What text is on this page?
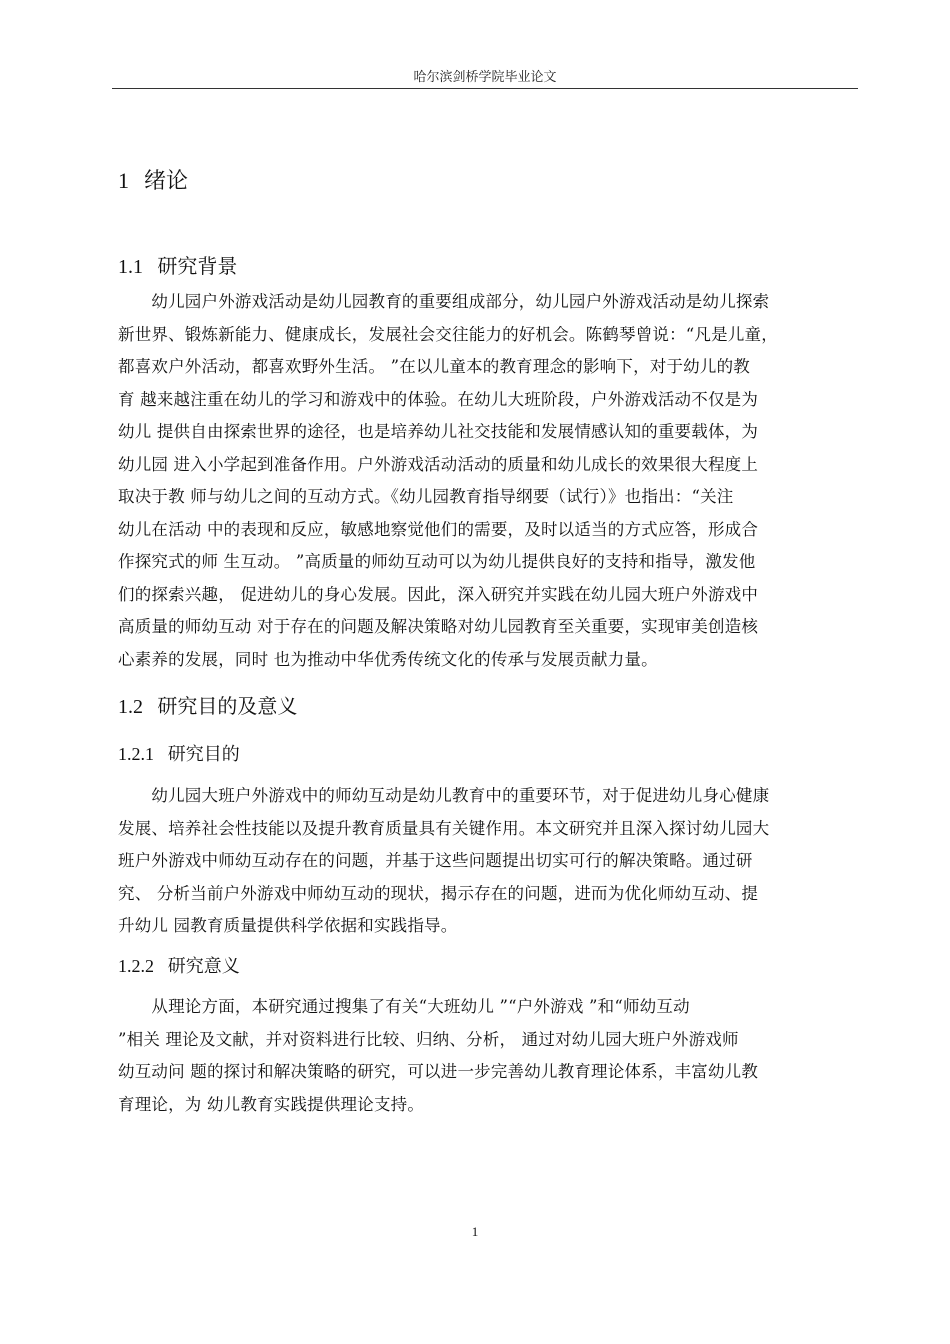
哈尔滨剑桥学院毕业论文
1 绪论
1.1 研究背景
　　幼儿园户外游戏活动是幼儿园教育的重要组成部分，幼儿园户外游戏活动是幼儿探索
新世界、锻炼新能力、健康成长，发展社会交往能力的好机会。陈鹤琴曾说：“凡是儿童，
都喜欢户外活动，都喜欢野外生活。 ”在以儿童本的教育理念的影响下，对于幼儿的教
育 越来越注重在幼儿的学习和游戏中的体验。在幼儿大班阶段，户外游戏活动不仅是为
幼儿 提供自由探索世界的途径，也是培养幼儿社交技能和发展情感认知的重要载体，为
幼儿园 进入小学起到准备作用。户外游戏活动活动的质量和幼儿成长的效果很大程度上
取决于教 师与幼儿之间的互动方式。《幼儿园教育指导纲要（试行）》也指出：“关注
幼儿在活动 中的表现和反应，敏感地察觉他们的需要，及时以适当的方式应答，形成合
作探究式的师 生互动。 ”高质量的师幼互动可以为幼儿提供良好的支持和指导，激发他
们的探索兴趣， 促进幼儿的身心发展。因此，深入研究并实践在幼儿园大班户外游戏中
高质量的师幼互动 对于存在的问题及解决策略对幼儿园教育至关重要，实现审美创造核
心素养的发展，同时 也为推动中华优秀传统文化的传承与发展贡献力量。
1.2 研究目的及意义
1.2.1 研究目的
　　幼儿园大班户外游戏中的师幼互动是幼儿教育中的重要环节，对于促进幼儿身心健康
发展、培养社会性技能以及提升教育质量具有关键作用。本文研究并且深入探讨幼儿园大
班户外游戏中师幼互动存在的问题，并基于这些问题提出切实可行的解决策略。通过研
究、 分析当前户外游戏中师幼互动的现状，揭示存在的问题，进而为优化师幼互动、提
升幼儿 园教育质量提供科学依据和实践指导。
1.2.2 研究意义
　　从理论方面，本研究通过搜集了有关“大班幼儿 ”“户外游戏 ”和“师幼互动
”相关 理论及文献，并对资料进行比较、归纳、分析， 通过对幼儿园大班户外游戏师
幼互动问 题的探讨和解决策略的研究，可以进一步完善幼儿教育理论体系，丰富幼儿教
育理论，为 幼儿教育实践提供理论支持。
1
